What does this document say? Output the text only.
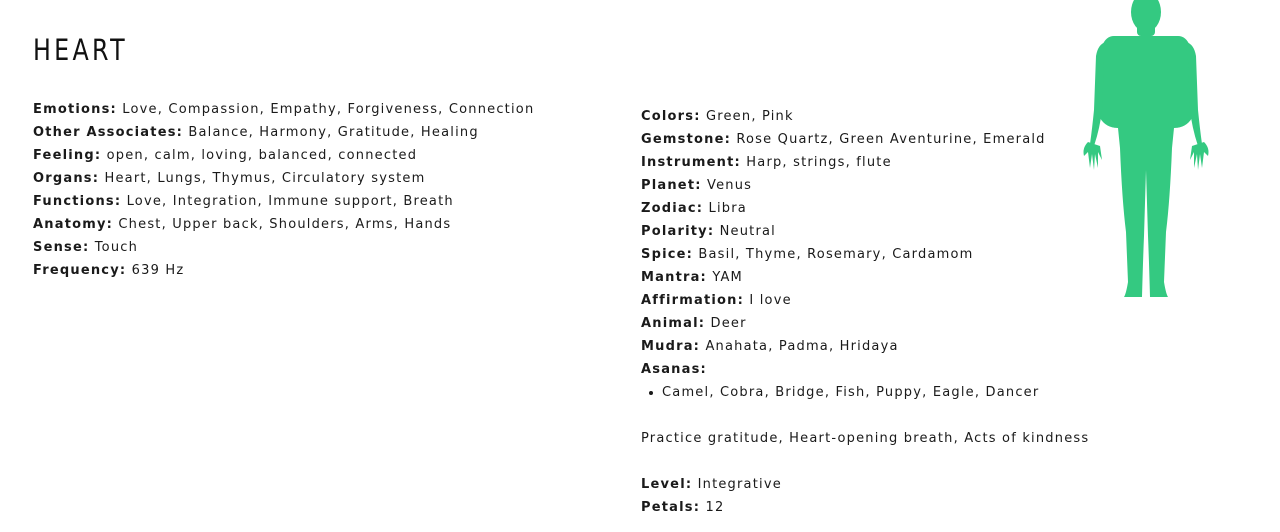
HEART
Emotions: Love, Compassion, Empathy, Forgiveness, Connection
Other Associates: Balance, Harmony, Gratitude, Healing
Feeling: open, calm, loving, balanced, connected
Organs: Heart, Lungs, Thymus, Circulatory system
Functions: Love, Integration, Immune support, Breath
Anatomy: Chest, Upper back, Shoulders, Arms, Hands
Sense: Touch
Frequency: 639 Hz
Colors: Green, Pink
Gemstone: Rose Quartz, Green Aventurine, Emerald
Instrument: Harp, strings, flute
Planet: Venus
Zodiac: Libra
Polarity: Neutral
Spice: Basil, Thyme, Rosemary, Cardamom
Mantra: YAM
Affirmation: I love
Animal: Deer
Mudra: Anahata, Padma, Hridaya
Asanas:
Camel, Cobra, Bridge, Fish, Puppy, Eagle, Dancer
Practice gratitude, Heart-opening breath, Acts of kindness
Level: Integrative
Petals: 12
